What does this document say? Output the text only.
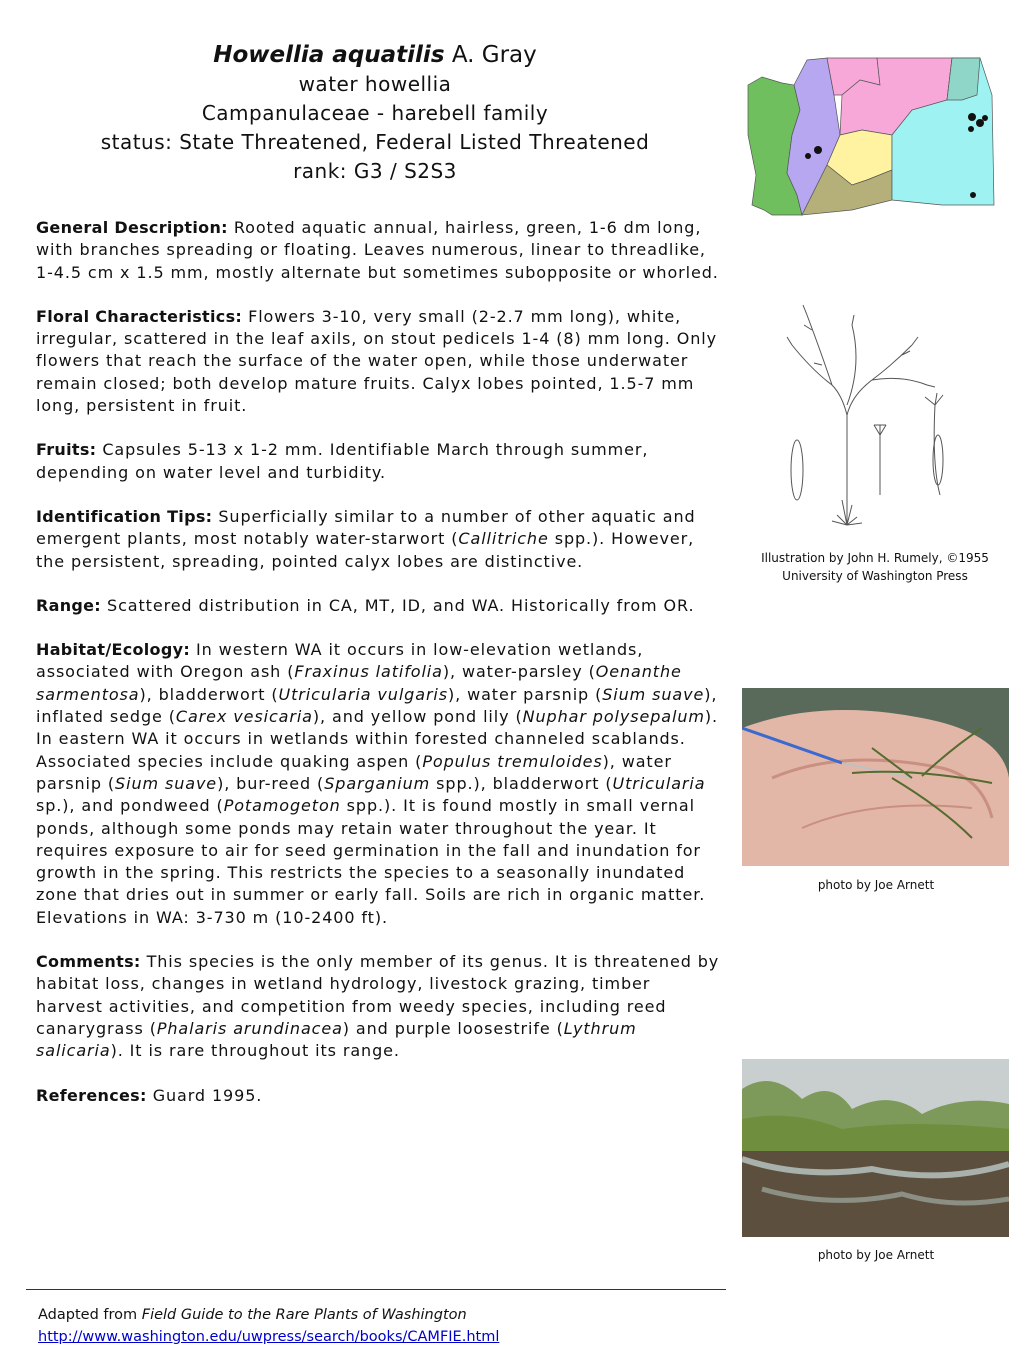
Howellia aquatilis A. Gray
water howellia
Campanulaceae - harebell family
status: State Threatened, Federal Listed Threatened
rank: G3 / S2S3
Illustration by John H. Rumely, ©1955 University of Washington Press
photo by Joe Arnett
photo by Joe Arnett

General Description: Rooted aquatic annual, hairless, green, 1-6 dm long, with branches spreading or floating. Leaves numerous, linear to threadlike, 1-4.5 cm x 1.5 mm, mostly alternate but sometimes subopposite or whorled.

Floral Characteristics: Flowers 3-10, very small (2-2.7 mm long), white, irregular, scattered in the leaf axils, on stout pedicels 1-4 (8) mm long. Only flowers that reach the surface of the water open, while those underwater remain closed; both develop mature fruits. Calyx lobes pointed, 1.5-7 mm long, persistent in fruit.

Fruits: Capsules 5-13 x 1-2 mm. Identifiable March through summer, depending on water level and turbidity.

Identification Tips: Superficially similar to a number of other aquatic and emergent plants, most notably water-starwort (Callitriche spp.). However, the persistent, spreading, pointed calyx lobes are distinctive.

Range: Scattered distribution in CA, MT, ID, and WA. Historically from OR.

Habitat/Ecology: In western WA it occurs in low-elevation wetlands, associated with Oregon ash (Fraxinus latifolia), water-parsley (Oenanthe sarmentosa), bladderwort (Utricularia vulgaris), water parsnip (Sium suave), inflated sedge (Carex vesicaria), and yellow pond lily (Nuphar polysepalum). In eastern WA it occurs in wetlands within forested channeled scablands. Associated species include quaking aspen (Populus tremuloides), water parsnip (Sium suave), bur-reed (Sparganium spp.), bladderwort (Utricularia sp.), and pondweed (Potamogeton spp.). It is found mostly in small vernal ponds, although some ponds may retain water throughout the year. It requires exposure to air for seed germination in the fall and inundation for growth in the spring. This restricts the species to a seasonally inundated zone that dries out in summer or early fall. Soils are rich in organic matter. Elevations in WA: 3-730 m (10-2400 ft).

Comments: This species is the only member of its genus. It is threatened by habitat loss, changes in wetland hydrology, livestock grazing, timber harvest activities, and competition from weedy species, including reed canarygrass (Phalaris arundinacea) and purple loosestrife (Lythrum salicaria). It is rare throughout its range.

References: Guard 1995.

Adapted from Field Guide to the Rare Plants of Washington
http://www.washington.edu/uwpress/search/books/CAMFIE.html
